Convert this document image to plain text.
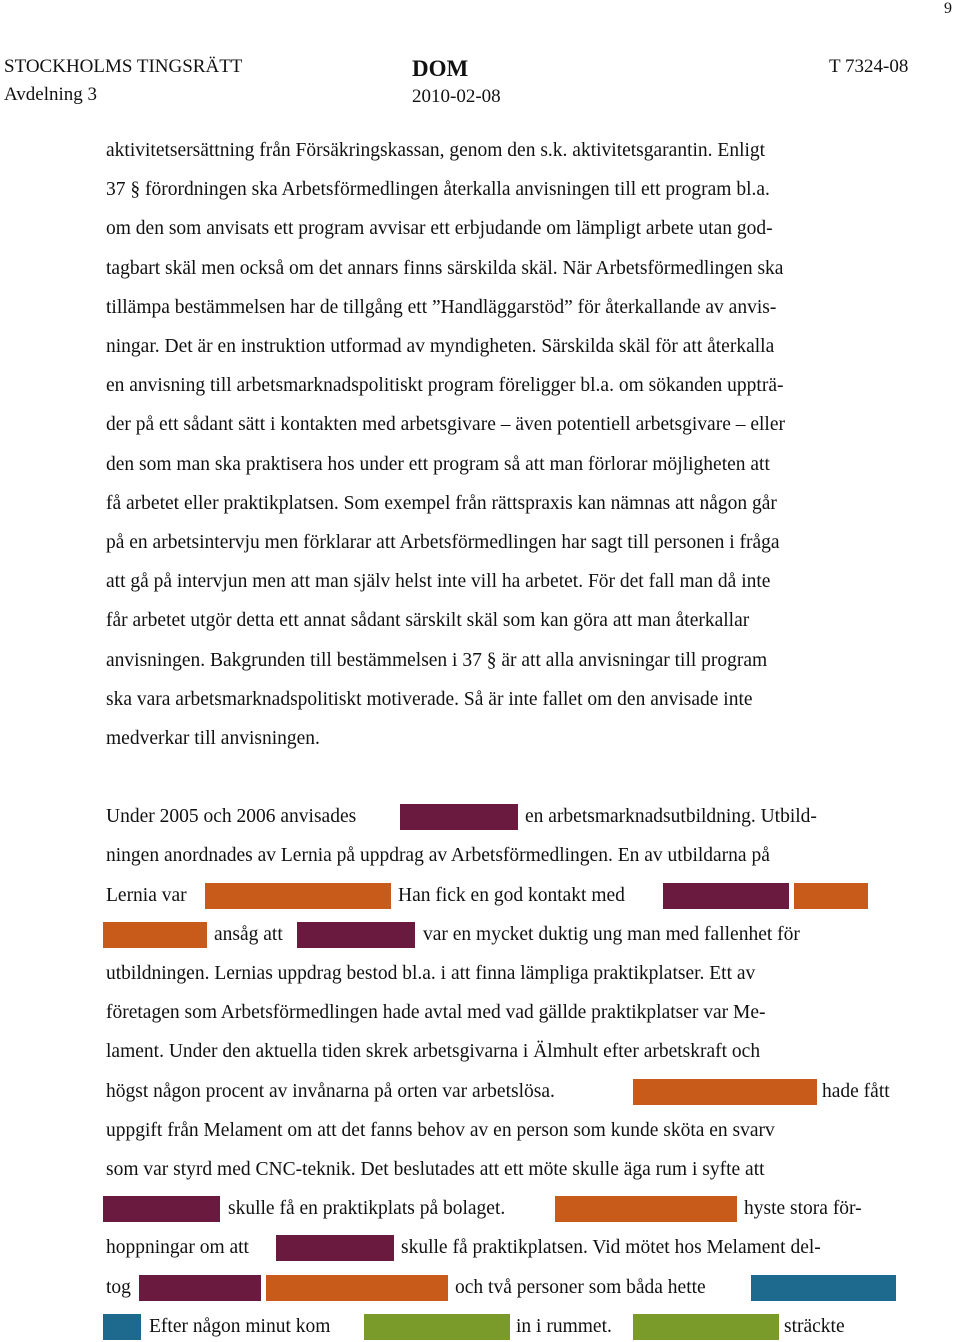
9
STOCKHOLMS TINGSRÄTT
Avdelning 3
DOM
2010-02-08
T 7324-08
aktivitetsersättning från Försäkringskassan, genom den s.k. aktivitetsgarantin. Enligt
37 § förordningen ska Arbetsförmedlingen återkalla anvisningen till ett program bl.a.
om den som anvisats ett program avvisar ett erbjudande om lämpligt arbete utan god-
tagbart skäl men också om det annars finns särskilda skäl. När Arbetsförmedlingen ska
tillämpa bestämmelsen har de tillgång ett ”Handläggarstöd” för återkallande av anvis-
ningar. Det är en instruktion utformad av myndigheten. Särskilda skäl för att återkalla
en anvisning till arbetsmarknadspolitiskt program föreligger bl.a. om sökanden uppträ-
der på ett sådant sätt i kontakten med arbetsgivare – även potentiell arbetsgivare – eller
den som man ska praktisera hos under ett program så att man förlorar möjligheten att
få arbetet eller praktikplatsen. Som exempel från rättspraxis kan nämnas att någon går
på en arbetsintervju men förklarar att Arbetsförmedlingen har sagt till personen i fråga
att gå på intervjun men att man själv helst inte vill ha arbetet. För det fall man då inte
får arbetet utgör detta ett annat sådant särskilt skäl som kan göra att man återkallar
anvisningen. Bakgrunden till bestämmelsen i 37 § är att alla anvisningar till program
ska vara arbetsmarknadspolitiskt motiverade. Så är inte fallet om den anvisade inte
medverkar till anvisningen.
Under 2005 och 2006 anvisades	en arbetsmarknadsutbildning. Utbild-
ningen anordnades av Lernia på uppdrag av Arbetsförmedlingen. En av utbildarna på
Lernia var	Han fick en god kontakt med
ansåg att	var en mycket duktig ung man med fallenhet för
utbildningen. Lernias uppdrag bestod bl.a. i att finna lämpliga praktikplatser. Ett av
företagen som Arbetsförmedlingen hade avtal med vad gällde praktikplatser var Me-
lament. Under den aktuella tiden skrek arbetsgivarna i Älmhult efter arbetskraft och
högst någon procent av invånarna på orten var arbetslösa.	hade fått
uppgift från Melament om att det fanns behov av en person som kunde sköta en svarv
som var styrd med CNC-teknik. Det beslutades att ett möte skulle äga rum i syfte att
skulle få en praktikplats på bolaget.	hyste stora för-
hoppningar om att	skulle få praktikplatsen. Vid mötet hos Melament del-
tog	och två personer som båda hette
Efter någon minut kom	in i rummet.	sträckte
